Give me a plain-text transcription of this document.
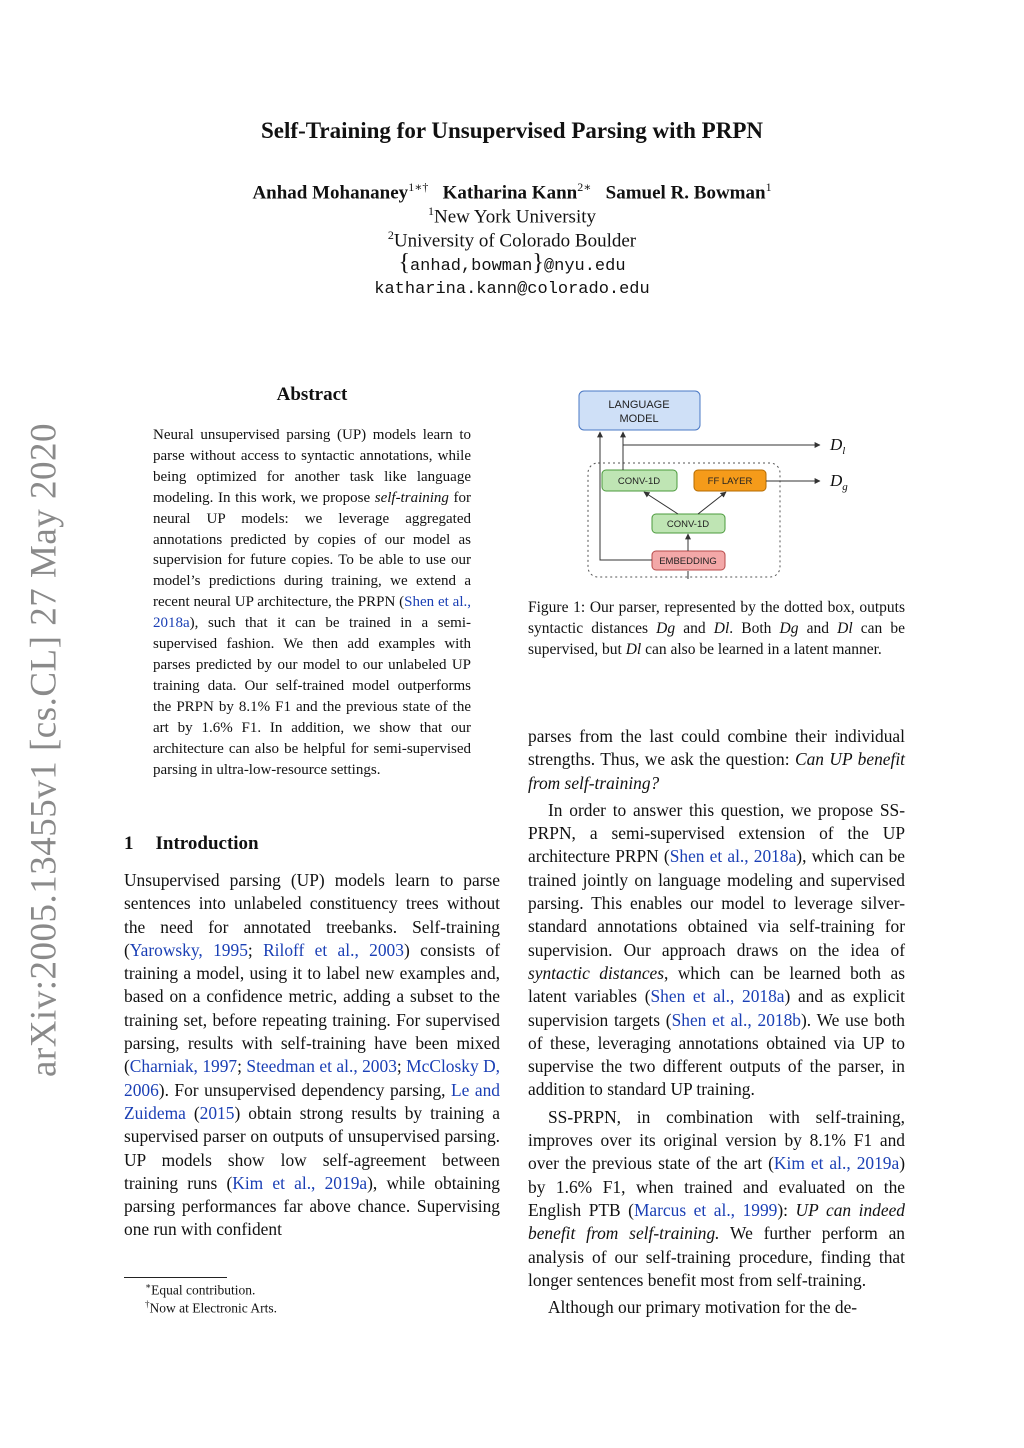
arXiv:2005.13455v1 [cs.CL] 27 May 2020
Self-Training for Unsupervised Parsing with PRPN
Anhad Mohananey$^{1∗\dagger}$ Katharina Kann$^{2∗}$ Samuel R. Bowman$^1$
$^1$New York University
$^2$University of Colorado Boulder
{anhad,bowman}@nyu.edu
katharina.kann@colorado.edu
Abstract
Neural unsupervised parsing (UP) models learn to parse without access to syntactic annotations, while being optimized for another task like language modeling. In this work, we propose self-training for neural UP models: we leverage aggregated annotations predicted by copies of our model as supervision for future copies. To be able to use our model’s predictions during training, we extend a recent neural UP architecture, the PRPN (Shen et al., 2018a), such that it can be trained in a semi-supervised fashion. We then add examples with parses predicted by our model to our unlabeled UP training data. Our self-trained model outperforms the PRPN by 8.1% F1 and the previous state of the art by 1.6% F1. In addition, we show that our architecture can also be helpful for semi-supervised parsing in ultra-low-resource settings.
1 Introduction
Unsupervised parsing (UP) models learn to parse sentences into unlabeled constituency trees without the need for annotated treebanks. Self-training (Yarowsky, 1995; Riloff et al., 2003) consists of training a model, using it to label new examples and, based on a confidence metric, adding a subset to the training set, before repeating training. For supervised parsing, results with self-training have been mixed (Charniak, 1997; Steedman et al., 2003; McClosky D, 2006). For unsupervised dependency parsing, Le and Zuidema (2015) obtain strong results by training a supervised parser on outputs of unsupervised parsing. UP models show low self-agreement between training runs (Kim et al., 2019a), while obtaining parsing performances far above chance. Supervising one run with confident
∗Equal contribution.
†Now at Electronic Arts.
LANGUAGE
MODEL
CONV-1D	FF LAYER
CONV-1D
EMBEDDING
$D_l$
$D_g$
Figure 1: Our parser, represented by the dotted box, outputs syntactic distances Dg and Dl. Both Dg and Dl can be supervised, but Dl can also be learned in a latent manner.

parses from the last could combine their individual strengths. Thus, we ask the question: Can UP benefit from self-training?

In order to answer this question, we propose SS-PRPN, a semi-supervised extension of the UP architecture PRPN (Shen et al., 2018a), which can be trained jointly on language modeling and supervised parsing. This enables our model to leverage silver-standard annotations obtained via self-training for supervision. Our approach draws on the idea of syntactic distances, which can be learned both as latent variables (Shen et al., 2018a) and as explicit supervision targets (Shen et al., 2018b). We use both of these, leveraging annotations obtained via UP to supervise the two different outputs of the parser, in addition to standard UP training.

SS-PRPN, in combination with self-training, improves over its original version by 8.1% F1 and over the previous state of the art (Kim et al., 2019a) by 1.6% F1, when trained and evaluated on the English PTB (Marcus et al., 1999): UP can indeed benefit from self-training. We further perform an analysis of our self-training procedure, finding that longer sentences benefit most from self-training.

Although our primary motivation for the de-
